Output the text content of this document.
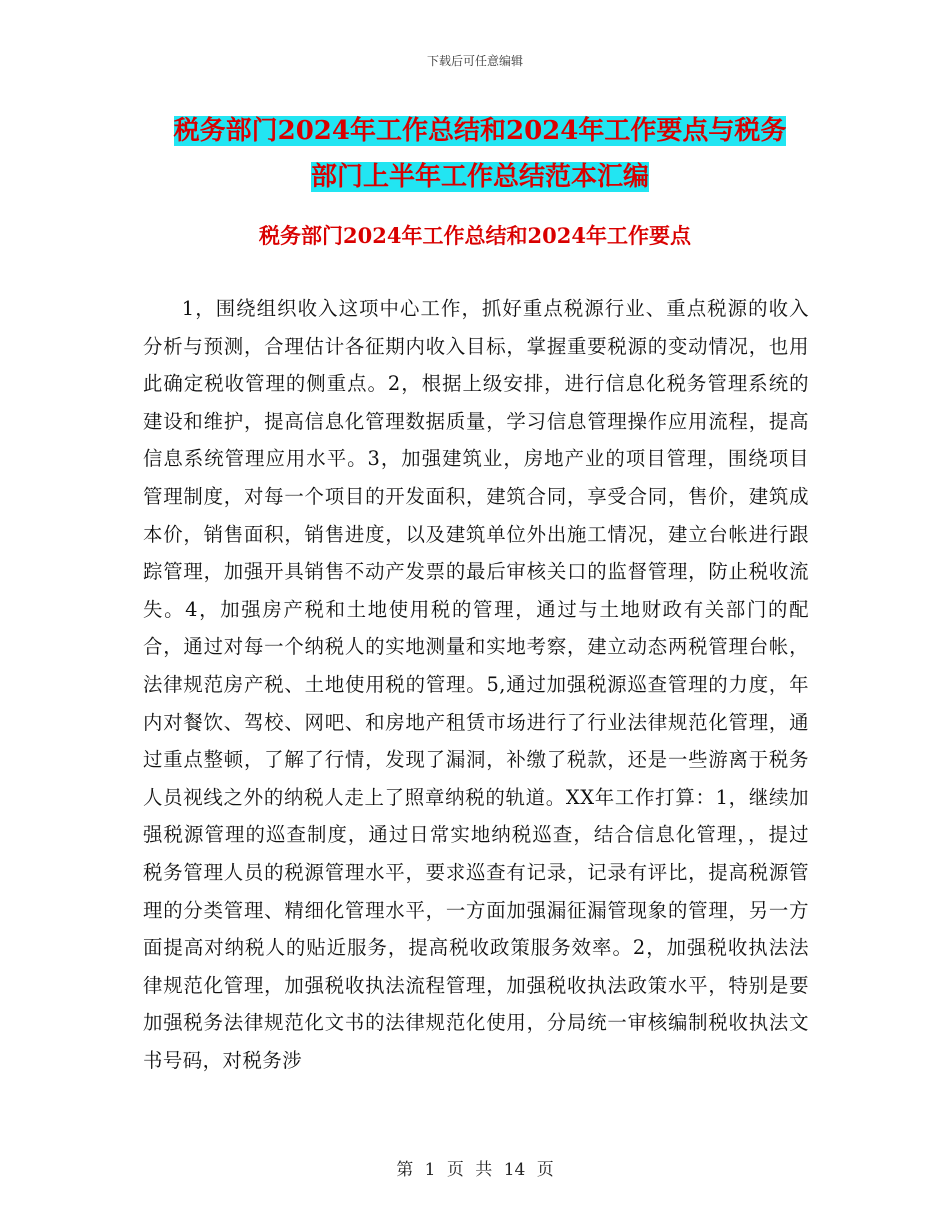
下载后可任意编辑
税务部门2024年工作总结和2024年工作要点与税务
部门上半年工作总结范本汇编
税务部门2024年工作总结和2024年工作要点

1，围绕组织收入这项中心工作，抓好重点税源行业、重点税源的收入分析与预测，合理估计各征期内收入目标，掌握重要税源的变动情况，也用此确定税收管理的侧重点。2，根据上级安排，进行信息化税务管理系统的建设和维护，提高信息化管理数据质量，学习信息管理操作应用流程，提高信息系统管理应用水平。3，加强建筑业，房地产业的项目管理，围绕项目管理制度，对每一个项目的开发面积，建筑合同，享受合同，售价，建筑成本价，销售面积，销售进度，以及建筑单位外出施工情况，建立台帐进行跟踪管理，加强开具销售不动产发票的最后审核关口的监督管理，防止税收流失。4，加强房产税和土地使用税的管理，通过与土地财政有关部门的配合，通过对每一个纳税人的实地测量和实地考察，建立动态两税管理台帐，法律规范房产税、土地使用税的管理。5,通过加强税源巡查管理的力度，年内对餐饮、驾校、网吧、和房地产租赁市场进行了行业法律规范化管理，通过重点整顿，了解了行情，发现了漏洞，补缴了税款，还是一些游离于税务人员视线之外的纳税人走上了照章纳税的轨道。XX年工作打算：1，继续加强税源管理的巡查制度，通过日常实地纳税巡查，结合信息化管理，，提过税务管理人员的税源管理水平，要求巡查有记录，记录有评比，提高税源管理的分类管理、精细化管理水平，一方面加强漏征漏管现象的管理，另一方面提高对纳税人的贴近服务，提高税收政策服务效率。2，加强税收执法法律规范化管理，加强税收执法流程管理，加强税收执法政策水平，特别是要加强税务法律规范化文书的法律规范化使用，分局统一审核编制税收执法文书号码，对税务涉

第 1 页 共 14 页
